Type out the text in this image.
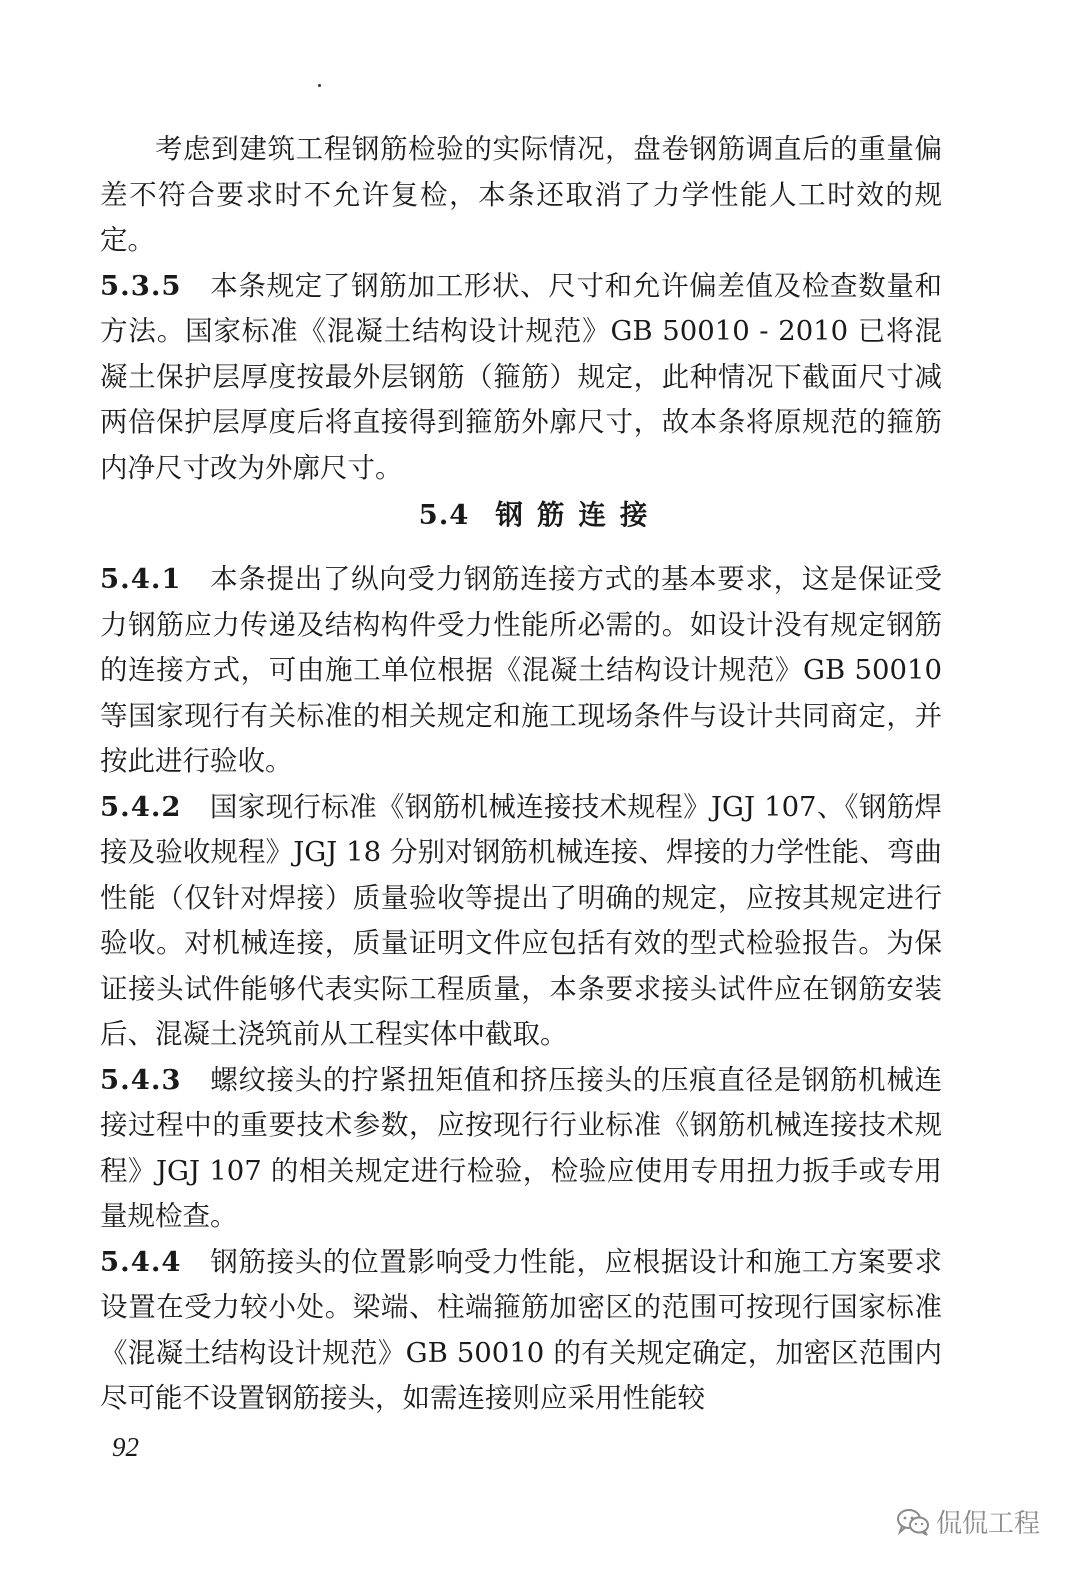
考虑到建筑工程钢筋检验的实际情况，盘卷钢筋调直后的重量偏差不符合要求时不允许复检，本条还取消了力学性能人工时效的规定。

5.3.5 本条规定了钢筋加工形状、尺寸和允许偏差值及检查数量和方法。国家标准《混凝土结构设计规范》GB 50010 - 2010 已将混凝土保护层厚度按最外层钢筋（箍筋）规定，此种情况下截面尺寸减两倍保护层厚度后将直接得到箍筋外廓尺寸，故本条将原规范的箍筋内净尺寸改为外廓尺寸。

5.4 钢筋连接

5.4.1 本条提出了纵向受力钢筋连接方式的基本要求，这是保证受力钢筋应力传递及结构构件受力性能所必需的。如设计没有规定钢筋的连接方式，可由施工单位根据《混凝土结构设计规范》GB 50010 等国家现行有关标准的相关规定和施工现场条件与设计共同商定，并按此进行验收。

5.4.2 国家现行标准《钢筋机械连接技术规程》JGJ 107、《钢筋焊接及验收规程》JGJ 18 分别对钢筋机械连接、焊接的力学性能、弯曲性能（仅针对焊接）质量验收等提出了明确的规定，应按其规定进行验收。对机械连接，质量证明文件应包括有效的型式检验报告。为保证接头试件能够代表实际工程质量，本条要求接头试件应在钢筋安装后、混凝土浇筑前从工程实体中截取。

5.4.3 螺纹接头的拧紧扭矩值和挤压接头的压痕直径是钢筋机械连接过程中的重要技术参数，应按现行行业标准《钢筋机械连接技术规程》JGJ 107 的相关规定进行检验，检验应使用专用扭力扳手或专用量规检查。

5.4.4 钢筋接头的位置影响受力性能，应根据设计和施工方案要求设置在受力较小处。梁端、柱端箍筋加密区的范围可按现行国家标准《混凝土结构设计规范》GB 50010 的有关规定确定，加密区范围内尽可能不设置钢筋接头，如需连接则应采用性能较

92
侃侃工程
